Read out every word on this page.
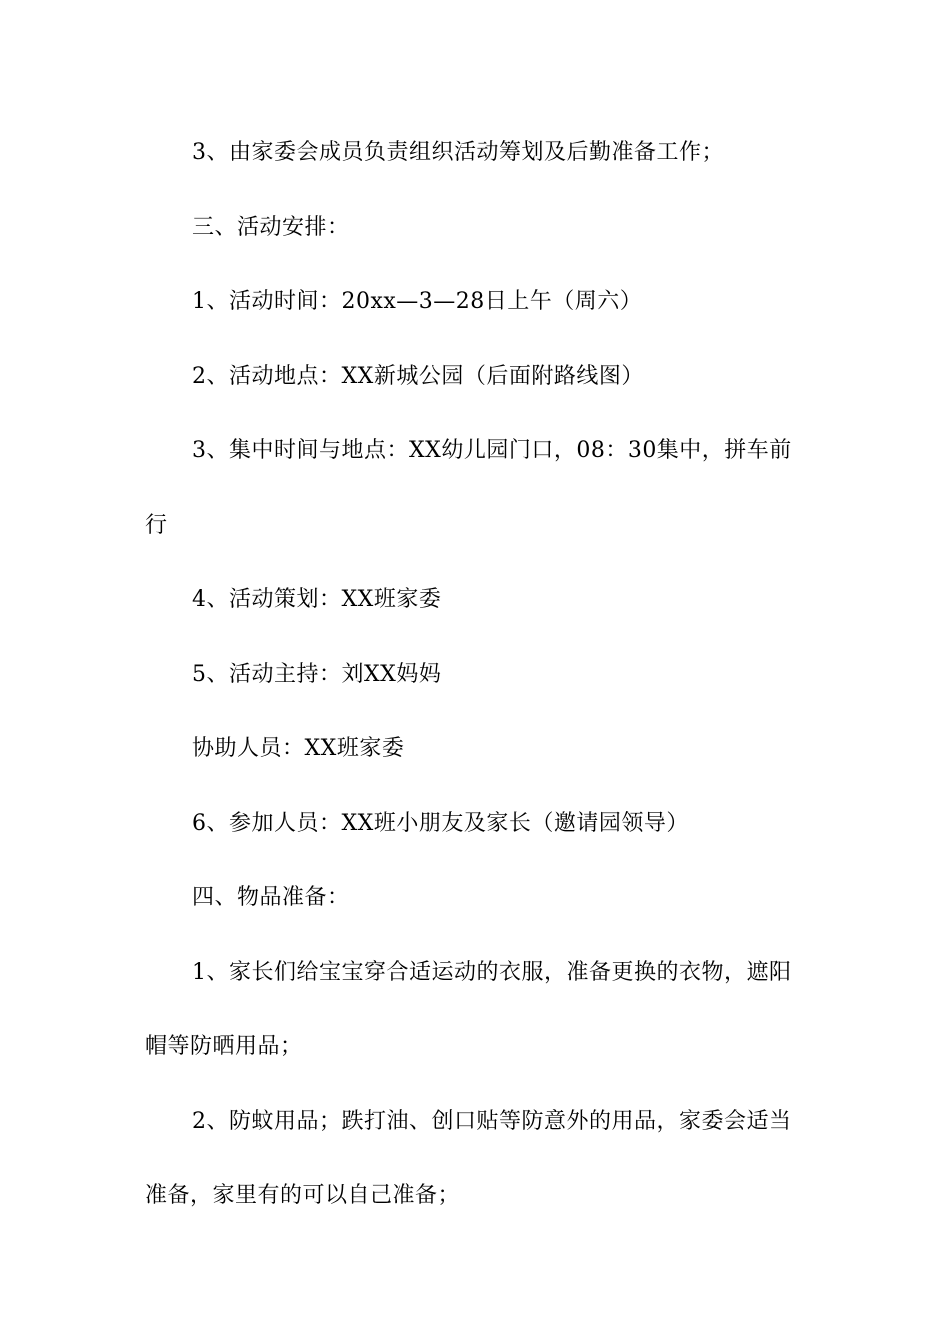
3、由家委会成员负责组织活动筹划及后勤准备工作；

三、活动安排：

1、活动时间：20xx—3—28日上午（周六）

2、活动地点：XX新城公园（后面附路线图）

3、集中时间与地点：XX幼儿园门口，08：30集中，拼车前行

4、活动策划：XX班家委

5、活动主持：刘XX妈妈

协助人员：XX班家委

6、参加人员：XX班小朋友及家长（邀请园领导）

四、物品准备：

1、家长们给宝宝穿合适运动的衣服，准备更换的衣物，遮阳帽等防晒用品；

2、防蚊用品；跌打油、创口贴等防意外的用品，家委会适当准备，家里有的可以自己准备；
